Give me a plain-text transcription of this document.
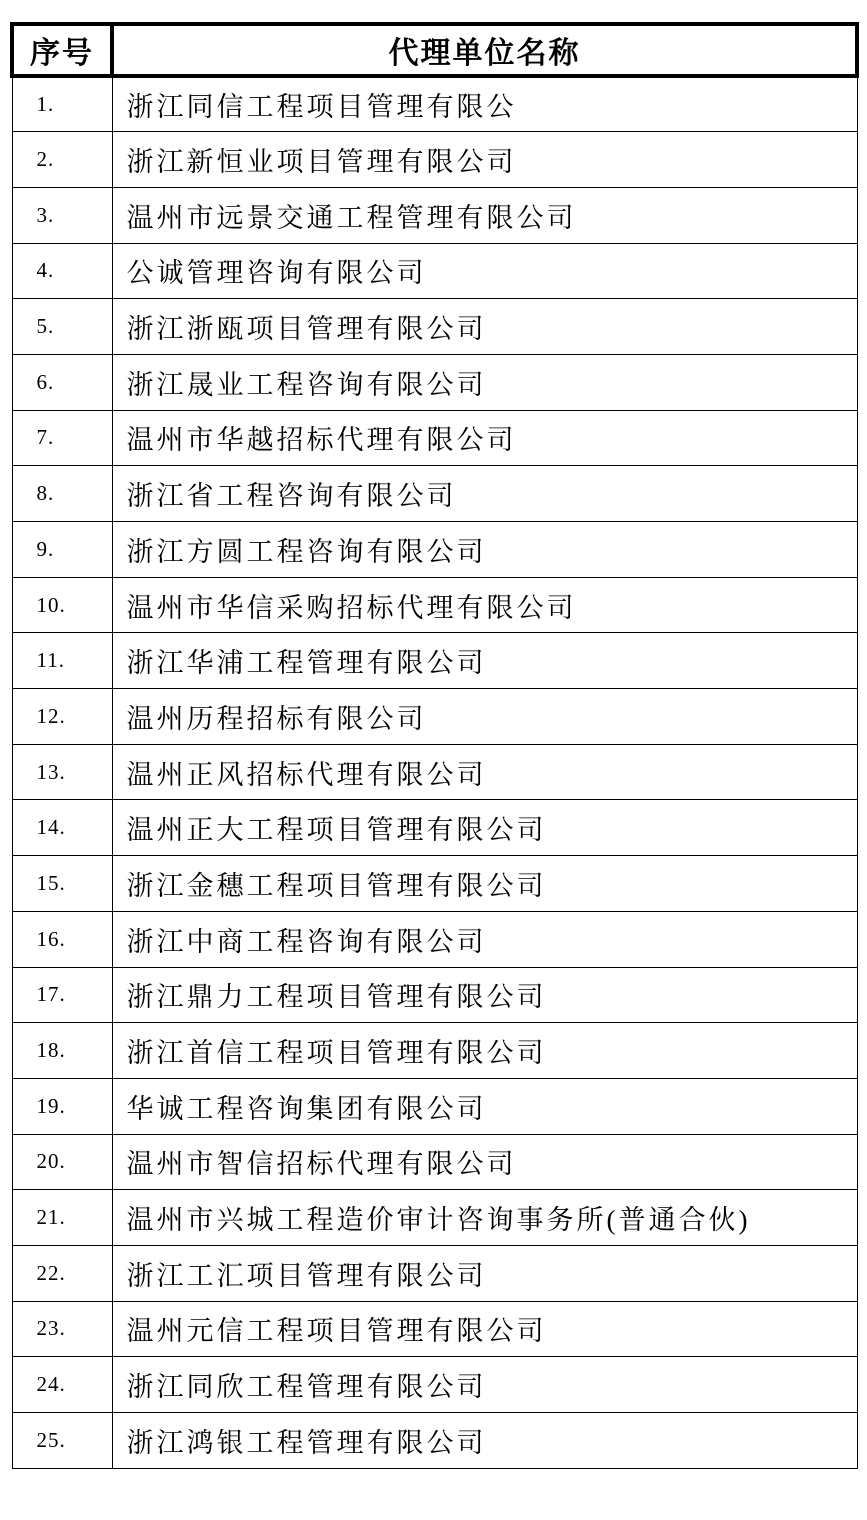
序号	代理单位名称
1.	浙江同信工程项目管理有限公
2.	浙江新恒业项目管理有限公司
3.	温州市远景交通工程管理有限公司
4.	公诚管理咨询有限公司
5.	浙江浙瓯项目管理有限公司
6.	浙江晟业工程咨询有限公司
7.	温州市华越招标代理有限公司
8.	浙江省工程咨询有限公司
9.	浙江方圆工程咨询有限公司
10.	温州市华信采购招标代理有限公司
11.	浙江华浦工程管理有限公司
12.	温州历程招标有限公司
13.	温州正风招标代理有限公司
14.	温州正大工程项目管理有限公司
15.	浙江金穗工程项目管理有限公司
16.	浙江中商工程咨询有限公司
17.	浙江鼎力工程项目管理有限公司
18.	浙江首信工程项目管理有限公司
19.	华诚工程咨询集团有限公司
20.	温州市智信招标代理有限公司
21.	温州市兴城工程造价审计咨询事务所(普通合伙)
22.	浙江工汇项目管理有限公司
23.	温州元信工程项目管理有限公司
24.	浙江同欣工程管理有限公司
25.	浙江鸿银工程管理有限公司
